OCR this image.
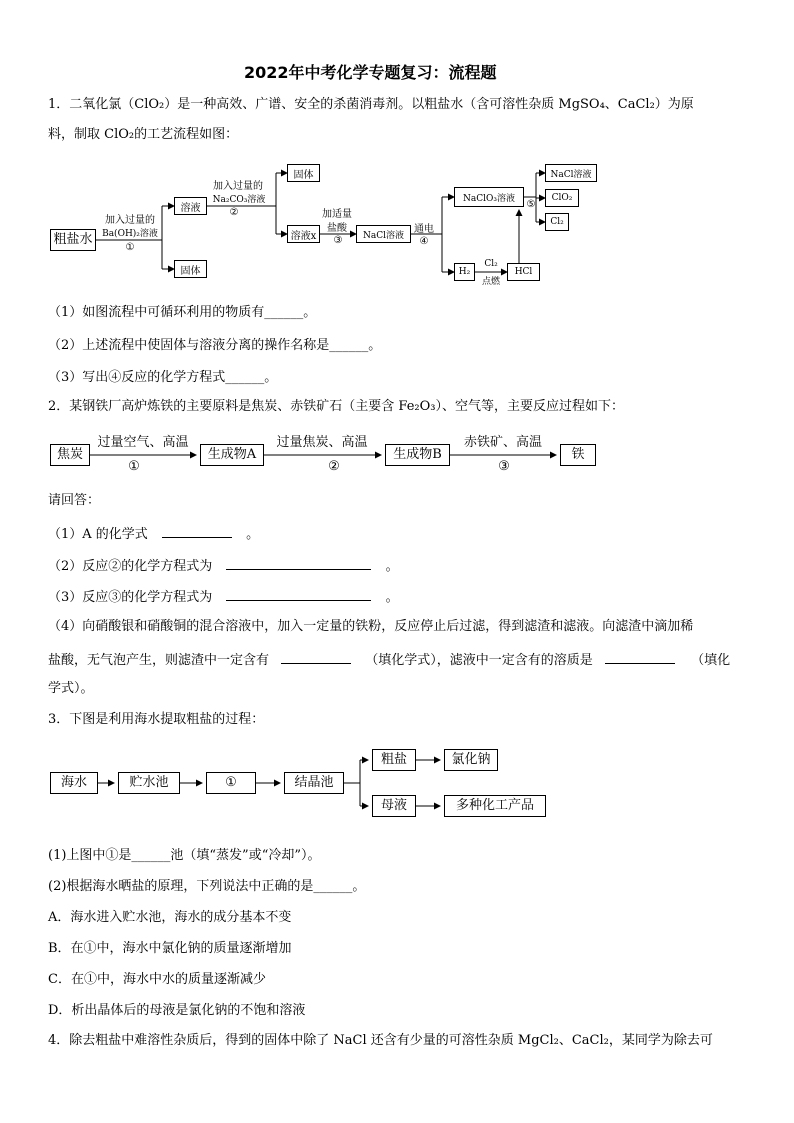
2022年中考化学专题复习：流程题
1．二氧化氯（ClO₂）是一种高效、广谱、安全的杀菌消毒剂。以粗盐水（含可溶性杂质 MgSO₄、CaCl₂）为原
料，制取 ClO₂的工艺流程如图：
粗盐水
加入过量的
Ba(OH)₂溶液
①
溶液
固体
加入过量的
Na₂CO₃溶液
②
固体
溶液x
加适量
盐酸
③	NaCl溶液
通电
④
NaClO₃溶液
⑤
NaCl溶液
ClO₂
Cl₂
H₂
Cl₂
点燃
HCl
（1）如图流程中可循环利用的物质有______。
（2）上述流程中使固体与溶液分离的操作名称是______。
（3）写出④反应的化学方程式______。
2．某钢铁厂高炉炼铁的主要原料是焦炭、赤铁矿石（主要含 Fe₂O₃）、空气等，主要反应过程如下：
焦炭
过量空气、高温
①
生成物A
过量焦炭、高温
②
生成物B
赤铁矿、高温
③
铁
请回答：
（1）A 的化学式	。
（2）反应②的化学方程式为	。
（3）反应③的化学方程式为	。
（4）向硝酸银和硝酸铜的混合溶液中，加入一定量的铁粉，反应停止后过滤，得到滤渣和滤液。向滤渣中滴加稀
盐酸，无气泡产生，则滤渣中一定含有	（填化学式），滤液中一定含有的溶质是	（填化
学式）。
3．下图是利用海水提取粗盐的过程：
海水	贮水池	①	结晶池
粗盐	氯化钠
母液	多种化工产品
(1)上图中①是______池（填“蒸发”或“冷却”）。
(2)根据海水晒盐的原理，下列说法中正确的是______。
A．海水进入贮水池，海水的成分基本不变
B．在①中，海水中氯化钠的质量逐渐增加
C．在①中，海水中水的质量逐渐减少
D．析出晶体后的母液是氯化钠的不饱和溶液
4．除去粗盐中难溶性杂质后，得到的固体中除了 NaCl 还含有少量的可溶性杂质 MgCl₂、CaCl₂，某同学为除去可
